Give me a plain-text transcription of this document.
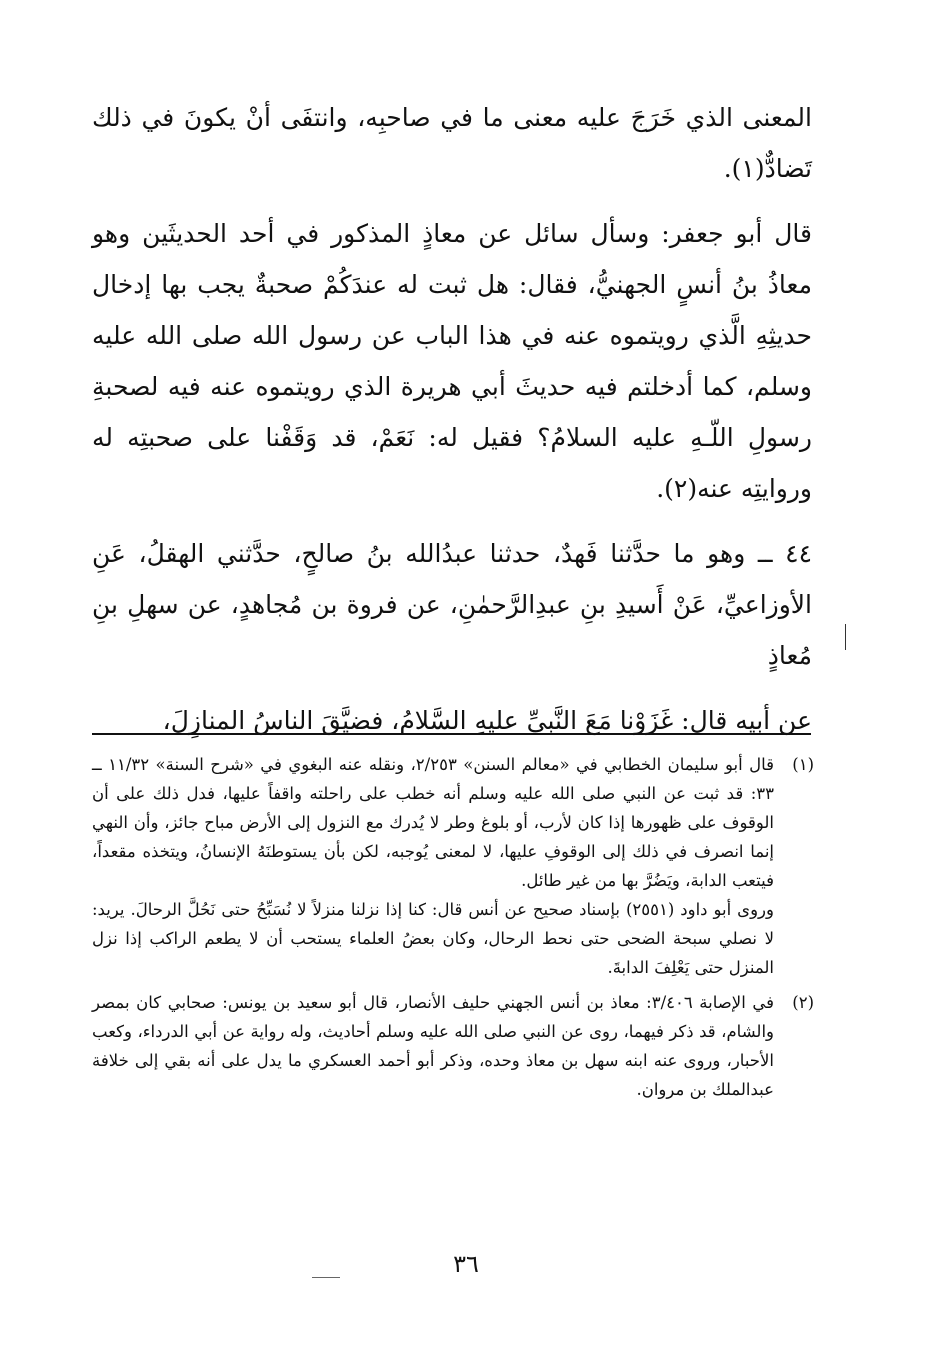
المعنى الذي خَرَجَ عليه معنى ما في صاحبِه، وانتفَى أنْ يكونَ في ذلك تَضادٌّ(١).

قال أبو جعفر: وسأل سائل عن معاذٍ المذكور في أحد الحديثَين وهو معاذُ بنُ أنسٍ الجهنيُّ، فقال: هل ثبت له عندَكُمْ صحبةٌ يجب بها إدخال حديثِهِ الَّذي رويتموه عنه في هذا الباب عن رسول الله صلى الله عليه وسلم، كما أدخلتم فيه حديثَ أبي هريرة الذي رويتموه عنه فيه لصحبةِ رسولِ اللّـهِ عليه السلامُ؟ فقيل له: نَعَمْ، قد وَقَفْنا على صحبتِه له وروايتِه عنه(٢).

٤٤ ــ وهو ما حدَّثنا فَهدٌ، حدثنا عبدُالله بنُ صالحٍ، حدَّثني الهقلُ، عَنِ الأوزاعيِّ، عَنْ أَسيدِ بنِ عبدِالرَّحمٰنِ، عن فروة بن مُجاهدٍ، عن سهلِ بنِ مُعاذٍ

عن أبيه قال: غَزَوْنا مَعَ النَّبيِّ عليهِ السَّلامُ، فضيَّقَ الناسُ المنازِلَ،

(١)

قال أبو سليمان الخطابي في «معالم السنن» ٢/٢٥٣، ونقله عنه البغوي في «شرح السنة» ١١/٣٢ ــ ٣٣: قد ثبت عن النبي صلى الله عليه وسلم أنه خطب على راحلته واقفاً عليها، فدل ذلك على أن الوقوف على ظهورها إذا كان لأرب، أو بلوغ وطر لا يُدرك مع النزول إلى الأرض مباح جائز، وأن النهي إنما انصرف في ذلك إلى الوقوفِ عليها، لا لمعنى يُوجبه، لكن بأن يستوطنَهُ الإنسانُ، ويتخذه مقعداً، فيتعب الدابة، ويَضُرَّ بها من غير طائل.

وروى أبو داود (٢٥٥١) بإسناد صحيح عن أنس قال: كنا إذا نزلنا منزلاً لا نُسَبِّحُ حتى نَحُلَّ الرحالَ. يريد: لا نصلي سبحة الضحى حتى نحط الرحال، وكان بعضُ العلماء يستحب أن لا يطعم الراكب إذا نزل المنزل حتى يَعْلِفَ الدابةَ.

(٢)

في الإصابة ٣/٤٠٦: معاذ بن أنس الجهني حليف الأنصار، قال أبو سعيد بن يونس: صحابي كان بمصر والشام، قد ذكر فيهما، روى عن النبي صلى الله عليه وسلم أحاديث، وله رواية عن أبي الدرداء، وكعب الأحبار، وروى عنه ابنه سهل بن معاذ وحده، وذكر أبو أحمد العسكري ما يدل على أنه بقي إلى خلافة عبدالملك بن مروان.

٣٦
